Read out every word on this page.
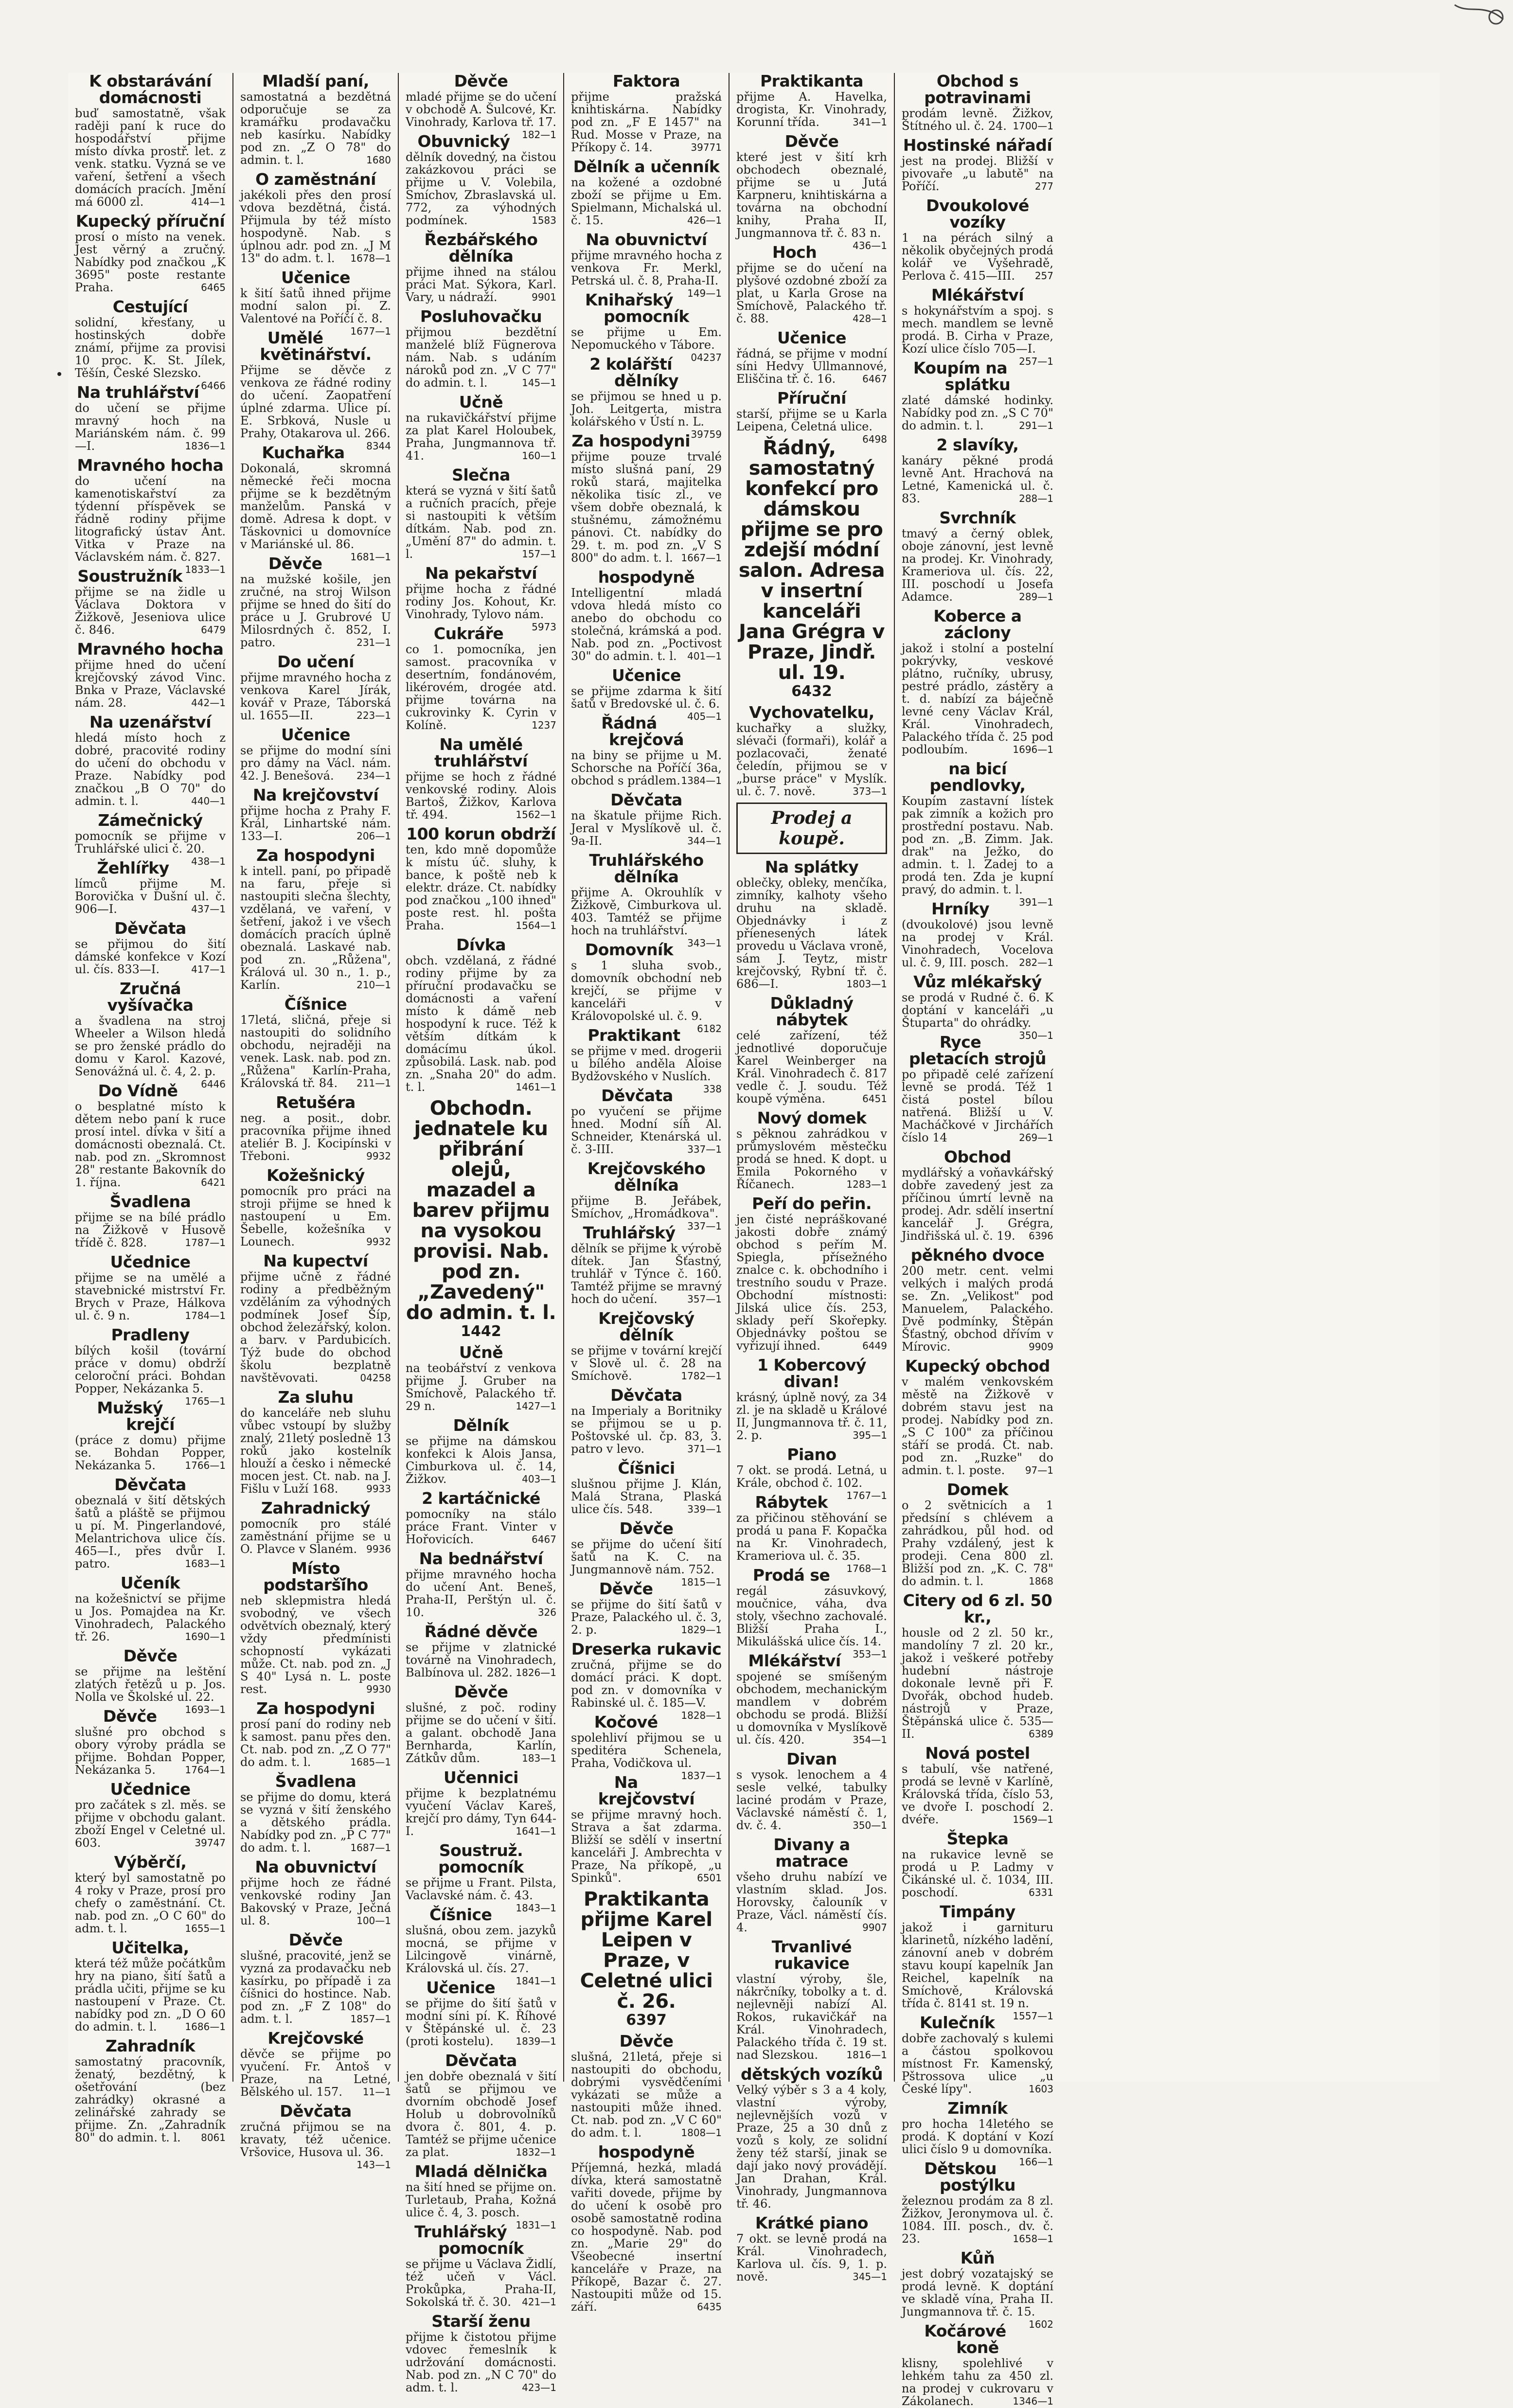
K obstarávání domácnosti

buď samostatně, však raději paní k ruce do hospodářství přijme místo dívka prostř. let. z venk. statku. Vyzná se ve vaření, šetření a všech domácích pracích. Jmění má 6000 zl.	414—1

Kupecký příruční

prosí o místo na venek. Jest věrný a zručný. Nabídky pod značkou „K 3695" poste restante Praha.	6465

Cestující

solidní, křesťany, u hostinských dobře známí, přijme za provisi 10 proc. K. St. Jílek, Těšín, České Slezsko.
6466

Na truhlářství

do učení se přijme mravný hoch na Mariánském nám. č. 99—I.	1836—1

Mravného hocha

do učení na kamenotiskařství za týdenní příspěvek se řádně rodiny přijme litografický ústav Ant. Vitka v Praze na Václavském nám. č. 827.
1833—1

Soustružník

přijme se na židle u Václava Doktora v Žižkově, Jeseniova ulice č. 846.	6479

Mravného hocha

přijme hned do učení krejčovský závod Vinc. Bnka v Praze, Václavské nám. 28.	442—1

Na uzenářství

hledá místo hoch z dobré, pracovité rodiny do učení do obchodu v Praze. Nabídky pod značkou „B O 70" do admin. t. l.	440—1

Zámečnický

pomocník se přijme v Truhlářské ulici č. 20.
438—1

Žehlířky

límců přijme M. Borovička v Dušní ul. č. 906—I.	437—1

Děvčata

se přijmou do šití dámské konfekce v Kozí ul. čís. 833—I.	417—1

Zručná vyšívačka

a švadlena na stroj Wheeler a Wilson hledá se pro ženské prádlo do domu v Karol. Kazové, Senovážná ul. č. 4, 2. p.
6446

Do Vídně

o besplatné místo k dětem nebo paní k ruce prosí intel. dívka v šití a domácnosti obeznalá. Ct. nab. pod zn. „Skromnost 28" restante Bakovník do 1. října.	6421

Švadlena

přijme se na bílé prádlo na Žižkově v Husově třídě č. 828.	1787—1

Učednice

přijme se na umělé a stavebnické mistrství Fr. Brych v Praze, Hálkova ul. č. 9 n.	1784—1

Pradleny

bílých košil (tovární práce v domu) obdrží celoroční práci. Bohdan Popper, Nekázanka 5.
1765—1

Mužský krejčí

(práce z domu) přijme se. Bohdan Popper, Nekázanka 5.	1766—1

Děvčata

obeznalá v šití dětských šatů a pláště se přijmou u pí. M. Pingerlandové, Melantrichova ulice čís. 465—I., přes dvůr I. patro.	1683—1

Učeník

na kožešnictví se přijme u Jos. Pomajdea na Kr. Vinohradech, Palackého tř. 26.	1690—1

Děvče

se přijme na leštění zlatých řetězů u p. Jos. Nolla ve Školské ul. 22.
1693—1

Děvče

slušné pro obchod s obory výroby prádla se přijme. Bohdan Popper, Nekázanka 5.	1764—1

Učednice

pro začátek s zl. měs. se přijme v obchodu galant. zboží Engel v Celetné ul. 603.	39747

Výběrčí,

který byl samostatně po 4 roky v Praze, prosí pro chefy o zaměstnání. Ct. nab. pod zn. „O C 60" do adm. t. l.	1655—1

Učitelka,

která též může počátkům hry na piano, šití šatů a prádla učiti, přijme se ku nastoupení v Praze. Ct. nabídky pod zn. „D O 60 do admin. t. l.	1686—1

Zahradník

samostatný pracovník, ženatý, bezdětný, k ošetřování (bez zahrádky) okrasné a zelinářské zahrady se přijme. Zn. „Zahradník 80" do admin. t. l. 8061

Mladší paní,

samostatná a bezdětná odporučuje se za kramářku prodavačku neb kasírku. Nabídky pod zn. „Z O 78" do admin. t. l.	1680

O zaměstnání

jakékoli přes den prosí vdova bezdětná, čistá. Přijmula by též místo hospodyně. Nab. s úplnou adr. pod zn. „J M 13" do adm. t. l. 1678—1

Učenice

k šití šatů ihned přijme modní salon pí. Z. Valentové na Poříčí č. 8.
1677—1

Umělé květinářství.

Přijme se děvče z venkova ze řádné rodiny do učení. Zaopatření úplné zdarma. Ulice pí. E. Srbková, Nusle u Prahy, Otakarova ul. 266.
8344

Kuchařka

Dokonalá, skromná německé řeči mocna přijme se k bezdětným manželům. Panská v domě. Adresa k dopt. v Táskovnici u domovníce v Mariánské ul. 86.
1681—1

Děvče

na mužské košile, jen zručné, na stroj Wilson přijme se hned do šití do práce u J. Grubrové U Milosrdných č. 852, I. patro.	231—1

Do učení

přijme mravného hocha z venkova Karel Jírák, kovář v Praze, Táborská ul. 1655—II.	223—1

Učenice

se přijme do modní síni pro dámy na Václ. nám. 42. J. Benešová. 234—1

Na krejčovství

přijme hocha z Prahy F. Král, Linhartské nám. 133—I.	206—1

Za hospodyni

k intell. paní, po připadě na faru, přeje si nastoupiti slečna šlechty, vzdělaná, ve vaření, v šetření, jakož i ve všech domácích pracích úplně obeznalá. Laskavé nab. pod zn. „Růžena", Králová ul. 30 n., 1. p., Karlín.	210—1

Číšnice

17letá, sličná, přeje si nastoupiti do solidního obchodu, nejraději na venek. Lask. nab. pod zn. „Růžena" Karlín-Praha, Královská tř. 84. 211—1

Retušéra

neg. a posit., dobr. pracovníka přijme ihned ateliér B. J. Kocipínski v Třeboni.	9932

Kožešnický

pomocník pro práci na stroji přijme se hned k nastoupení u Em. Šebelle, kožešníka v Lounech.	9932

Na kupectví

přijme učně z řádné rodiny a předběžným vzděláním za výhodných podmínek Josef Šíp, obchod železářský, kolon. a barv. v Pardubicích. Týž bude do obchod školu bezplatně navštěvovati.	04258

Za sluhu

do kanceláře neb sluhu vůbec vstoupí by služby znalý, 21letý posledně 13 roků jako kostelník hlouží a česko i německé mocen jest. Ct. nab. na J. Fišlu v Luží 168.	9933

Zahradnický

pomocník pro stálé zaměstnání přijme se u O. Plavce v Slaném. 9936

Místo podstarší̌ho

neb sklepmistra hledá svobodný, ve všech odvětvích obeznalý, který vždy předmínisti schopností vykázati může. Ct. nab. pod zn. „J S 40" Lysá n. L. poste rest.	9930

Za hospodyni

prosí paní do rodiny neb k samost. panu přes den. Ct. nab. pod zn. „Z O 77" do adm. t. l.	1685—1

Švadlena

se přijme do domu, která se vyzná v šití ženského a dětského prádla. Nabídky pod zn. „P C 77" do adm. t. l.	1687—1

Na obuvnictví

přijme hoch ze řádné venkovské rodiny Jan Bakovský v Praze, Ječná ul. 8.	100—1

Děvče

slušné, pracovité, jenž se vyzná za prodavačku neb kasírku, po případě i za číšnici do hostince. Nab. pod zn. „F Z 108" do adm. t. l.	1857—1

Krejčovské

děvče se přijme po vyučení. Fr. Antoš v Praze, na Letné, Bělského ul. 157. 11—1

Děvčata

zručná přijmou se na kravaty, též učenice. Vršovice, Husova ul. 36.
143—1

Děvče

mladé přijme se do učení v obchodě A. Šulcové, Kr. Vinohrady, Karlova tř. 17.
182—1

Obuvnický

dělník dovedný, na čistou zakázkovou práci se přijme u V. Volebila, Smíchov, Zbraslavská ul. 772, za výhodných podmínek.	1583

Řezbářského dělníka

přijme ihned na stálou práci Mat. Sýkora, Karl. Vary, u nádraží.	9901

Posluhovačku

přijmou bezdětní manželé blíž Fügnerova nám. Nab. s udáním nároků pod zn. „V C 77" do admin. t. l.	145—1

Učně

na rukavičkářství přijme za plat Karel Holoubek, Praha, Jungmannova tř. 41.	160—1

Slečna

která se vyzná v šití šatů a ručních pracích, přeje si nastoupiti k větším dítkám. Nab. pod zn. „Umění 87" do admin. t. l.	157—1

Na pekařství

přijme hocha z řádné rodiny Jos. Kohout, Kr. Vinohrady, Tylovo nám.
5973

Cukráře

co 1. pomocníka, jen samost. pracovníka v desertním, fondánovém, likérovém, drogée atd. přijme továrna na cukrovinky K. Cyrin v Kolíně.	1237

Na umělé truhlářství

přijme se hoch z řádné venkovské rodiny. Alois Bartoš, Žižkov, Karlova tř. 494.	1562—1

100 korun obdrží

ten, kdo mně dopomůže k místu úč. sluhy, k bance, k poště neb k elektr. dráze. Ct. nabídky pod značkou „100 ihned" poste rest. hl. pošta Praha.	1564—1

Dívka

obch. vzdělaná, z řádné rodiny přijme by za příruční prodavačku se domácnosti a vaření místo k dámě neb hospodyní k ruce. Též k větším dítkám k domácímu úkol. způsobilá. Lask. nab. pod zn. „Snaha 20" do adm. t. l.	1461—1

Obchodn. jednatele ku přibrání olejů, mazadel a barev přijmu na vysokou provisi. Nab. pod zn. „Zavedený" do admin. t. l.

1442

Učně

na teobářství z venkova přijme J. Gruber na Smíchově, Palackého tř. 29 n.	1427—1

Dělník

se přijme na dámskou konfekci k Alois Jansa, Cimburkova ul. č. 14, Žižkov.	403—1

2 kartáčnické

pomocníky na stálo práce Frant. Vinter v Hořovicích.	6467

Na bednářství

přijme mravného hocha do učení Ant. Beneš, Praha-II, Perštýn ul. č. 10.	326

Řádné děvče

se přijme v zlatnické továrně na Vinohradech, Balbínova ul. 282. 1826—1

Děvče

slušné, z poč. rodiny přijme se do učení v šití. a galant. obchodě Jana Bernharda, Karlín, Zátkův dům.	183—1

Učennici

přijme k bezplatnému vyučení Václav Kareš, krejčí pro dámy, Tyn 644-I.	1641—1

Soustruž. pomocník

se přijme u Frant. Pilsta, Vaclavské nám. č. 43.
1843—1

Číšnice

slušná, obou zem. jazyků mocná, se přijme v Lilcingově vinárně, Královská ul. čís. 27.
1841—1

Učenice

se přijme do šití šatů v modní síni pí. K. Říhové v Štěpánské ul. č. 23 (proti kostelu). 1839—1

Děvčata

jen dobře obeznalá v šití šatů se přijmou ve dvorním obchodě Josef Holub u dobrovolníků dvora č. 801, 4. p. Tamtéž se přijme učenice za plat.	1832—1

Mladá dělnička

na šití hned se přijme on. Turletaub, Praha, Kožná ulice č. 4, 3. posch.
1831—1

Truhlářský pomocník

se přijme u Václava Židlí, též učeň v Václ. Prokůpka, Praha-II, Sokolská tř. č. 30. 421—1

Starší ženu

přijme k čistotou přijme vdovec řemeslník k udržování domácnosti. Nab. pod zn. „N C 70" do adm. t. l.	423—1

Faktora

přijme pražská knihtiskárna. Nabídky pod zn. „F E 1457" na Rud. Mosse v Praze, na Příkopy č. 14.	39771

Dělník a učenník

na kožené a ozdobné zboží se přijme u Em. Spielmann, Michalská ul. č. 15.	426—1

Na obuvnictví

přijme mravného hocha z venkova Fr. Merkl, Petrská ul. č. 8, Praha-II.
149—1

Knihařský pomocník

se přijme u Em. Nepomuckého v Tábore.
04237

2 kolářští dělníky

se přijmou se hned u p. Joh. Leitgerta, mistra kolářského v Ústí n. L.
39759

Za hospodyni

přijme pouze trvalé místo slušná paní, 29 roků stará, majitelka několika tisíc zl., ve všem dobře obeznalá, k stušnému, zámožnému pánovi. Ct. nabídky do 29. t. m. pod zn. „V S 800" do adm. t. l. 1667—1

hospodyně

Intelligentní mladá vdova hledá místo co anebo do obchodu co stolečná, krámská a pod. Nab. pod zn. „Poctivost 30" do admin. t. l. 401—1

Učenice

se přijme zdarma k šití šatů v Bredovské ul. č. 6.
405—1

Řádná krejčová

na biny se přijme u M. Schorsche na Poříčí 36a, obchod s prádlem. 1384—1

Děvčata

na škatule přijme Rich. Jeral v Myslíkově ul. č. 9a-II.	344—1

Truhlářského dělníka

přijme A. Okrouhlík v Žižkově, Cimburkova ul. 403. Tamtéž se přijme hoch na truhlářství.
343—1

Domovník

s 1 sluha svob., domovník obchodní neb krejčí, se přijme v kanceláři v Královopolské ul. č. 9.
6182

Praktikant

se přijme v med. drogerii u bílého anděla Aloise Bydžovského v Nuslích.
338

Děvčata

po vyučení se přijme hned. Modní síň Al. Schneider, Ktenárská ul. č. 3-III.	337—1

Krejčovského dělníka

přijme B. Jeřábek, Smíchov, „Hromádkova".
337—1

Truhlářský

dělník se přijme k výrobě dítek. Jan Šťastný, truhlář v Týnce č. 160. Tamtéž přijme se mravný hoch do učení.	357—1

Krejčovský dělník

se přijme v tovární krejčí v Slově ul. č. 28 na Smíchově.	1782—1

Děvčata

na Imperialy a Boritniky se přijmou se u p. Poštovské ul. čp. 83, 3. patro v levo.	371—1

Číšnici

slušnou přijme J. Klán, Malá Strana, Plaská ulice čís. 548.	339—1

Děvče

se přijme do učení šití šatů na K. C. na Jungmannově nám. 752.
1815—1

Děvče

se přijme do šití šatů v Praze, Palackého ul. č. 3, 2. p.	1829—1

Dreserka rukavic

zručná, přijme se do domácí práci. K dopt. pod zn. v domovníka v Rabinské ul. č. 185—V.
1828—1

Kočové

spolehliví přijmou se u speditéra Schenela, Praha, Vodičkova ul.
1837—1

Na krejčovství

se přijme mravný hoch. Strava a šat zdarma. Bližší se sdělí v insertní kanceláři J. Ambrechta v Praze, Na příkopě, „u Spinků".	6501

Praktikanta přijme Karel Leipen v Praze, v Celetné ulici č. 26.

6397

Děvče

slušná, 21letá, přeje si nastoupiti do obchodu, dobrými vysvědčeními vykázati se může a nastoupiti může ihned. Ct. nab. pod zn. „V C 60" do adm. t. l.	1808—1

hospodyně

Příjemná, hezká, mladá dívka, která samostatně vařiti dovede, přijme by do učení k osobě pro osobě samostatně rodina co hospodyně. Nab. pod zn. „Marie 29" do Všeobecné insertní kanceláře v Praze, na Příkopě, Bazar č. 27. Nastoupiti může od 15. září.	6435

Praktikanta

přijme A. Havelka, drogista, Kr. Vinohrady, Korunní třída.	341—1

Děvče

které jest v šití krh obchodech obeznalé, přijme se u Jutá Karpneru, knihtiskárna a továrna na obchodní knihy, Praha II, Jungmannova tř. č. 83 n.
436—1

Hoch

přijme se do učení na plyšové ozdobné zboží za plat, u Karla Grose na Smíchově, Palackého tř. č. 88.	428—1

Učenice

řádná, se přijme v modní síni Hedvy Ullmannové, Eliščina tř. č. 16.	6467

Příruční

starší, přijme se u Karla Leipena, Celetná ulice.
6498

Řádný, samostatný konfekcí pro dámskou přijme se pro zdejší módní salon. Adresa v insertní kanceláři Jana Grégra v Praze, Jindř. ul. 19.

6432

Vychovatelku,

kuchařky a služky, slévači (formaři), kolář a pozlacovači, ženaté čeledín, přijmou se v „burse práce" v Myslík. ul. č. 7. nově.	373—1

Prodej a koupě.
Na splátky

oblečky, obleky, menčíka, zimníky, kalhoty všeho druhu na skladě. Objednávky i z příenesených látek provedu u Václava vroně, sám J. Teytz, mistr krejčovský, Rybní tř. č. 686—I.	1803—1

Důkladný nábytek

celé zařízení, též jednotlivé doporučuje Karel Weinberger na Král. Vinohradech č. 817 vedle č. J. soudu. Též koupě výměna.	6451

Nový domek

s pěknou zahrádkou v průmyslovém městečku prodá se hned. K dopt. u Emila Pokorného v Říčanech.	1283—1

Peří do peřin.

jen čisté nepráškované jakosti dobře známý obchod s peřím M. Spiegla, přísežného znalce c. k. obchodního i trestního soudu v Praze. Obchodní místnosti: Jilská ulice čís. 253, sklady peří Skořepky. Objednávky poštou se vyřizují ihned.	6449

1 Kobercový divan!

krásný, úplně nový, za 34 zl. je na skladě u Králové II, Jungmannova tř. č. 11, 2. p.	395—1

Piano

7 okt. se prodá. Letná, u Krále, obchod č. 102.
1767—1

Rábytek

za přičinou stěhování se prodá u pana F. Kopačka na Kr. Vinohradech, Krameriova ul. č. 35.
1768—1

Prodá se

regál zásuvkový, moučnice, váha, dva stoly, všechno zachovalé. Bližší Praha I., Mikulášská ulice čís. 14.
353—1

Mlékářství

spojené se smíšeným obchodem, mechanickým mandlem v dobrém obchodu se prodá. Bližší u domovníka v Myslíkově ul. čís. 420.	354—1

Divan

s vysok. lenochem a 4 sesle velké, tabulky laciné prodám v Praze, Václavské náměstí č. 1, dv. č. 4.	350—1

Divany a matrace

všeho druhu nabízí ve vlastním sklad. Jos. Horovsky, čalouník v Praze, Václ. náměstí čís. 4.	9907

Trvanlivé rukavice

vlastní výroby, šle, nákrčníky, tobolky a t. d. nejlevněji nabízí Al. Rokos, rukavičkář na Král. Vinohradech, Palackého třída č. 19 st. nad Slezskou.	1816—1

dětských vozíků

Velký výběr s 3 a 4 koly, vlastní výroby, nejlevnějších vozů v Praze, 25 a 30 dnů z vozů s koly, ze solidní ženy též starší, jinak se dají jako nový provádějí. Jan Drahan, Král. Vinohrady, Jungmannova tř. 46.

Krátké piano

7 okt. se levně prodá na Král. Vinohradech, Karlova ul. čís. 9, 1. p. nově.	345—1

Obchod s potravinami

prodám levně. Žižkov, Štítného ul. č. 24. 1700—1

Hostinské nářadí

jest na prodej. Bližší v pivovaře „u labutě" na Poříčí.	277

Dvoukolové vozíky

1 na pérách silný a několik obyčejných prodá kolář ve Vyšehradě, Perlova č. 415—III. 257

Mlékářství

s hokynářstvím a spoj. s mech. mandlem se levně prodá. B. Cirha v Praze, Kozí ulice číslo 705—I.
257—1

Koupím na splátku

zlaté dámské hodinky. Nabídky pod zn. „S C 70" do admin. t. l.	291—1

2 slavíky,

kanáry pěkné prodá levně Ant. Hrachová na Letné, Kamenická ul. č. 83.	288—1

Svrchník

tmavý a černý oblek, oboje zánovní, jest levně na prodej. Kr. Vinohrady, Krameriova ul. čís. 22, III. poschodí u Josefa Adamce.	289—1

Koberce a záclony

jakož i stolní a postelní pokrývky, veskové plátno, ručníky, ubrusy, pestré prádlo, zástěry a t. d. nabízí za báječně levné ceny Václav Král, Král. Vinohradech, Palackého třída č. 25 pod podloubím.	1696—1

na bicí pendlovky,

Koupím zastavní lístek pak zimník a kožich pro prostřední postavu. Nab. pod zn. „B. Zimm. Jak. drak" na Ježko, do admin. t. l. Zadej to a prodá ten. Zda je kupní pravý, do admin. t. l.
391—1

Hrníky

(dvoukolové) jsou levně na prodej v Král. Vinohradech, Vocelova ul. č. 9, III. posch. 282—1

Vůz mlékařský

se prodá v Rudné č. 6. K doptání v kanceláři „u Štuparta" do ohrádky.
350—1

Ryce pletacích strojů

po připadě celé zařízení levně se prodá. Též 1 čistá postel bílou natřená. Bližší u V. Macháčkové v Jirchářích číslo 14	269—1

Obchod

mydlářský a voňavkářský dobře zavedený jest za příčinou úmrtí levně na prodej. Adr. sdělí insertní kancelář J. Grégra, Jindřišská ul. č. 19. 6396

pěkného dvoce

200 metr. cent. velmi velkých i malých prodá se. Zn. „Velikost" pod Manuelem, Palackého. Dvě podmínky, Štěpán Šťastný, obchod dřívím v Mírovic.	9909

Kupecký obchod

v malém venkovském městě na Žižkově v dobrém stavu jest na prodej. Nabídky pod zn. „S C 100" za příčinou stáří se prodá. Ct. nab. pod zn. „Ruzke" do admin. t. l. poste. 97—1

Domek

o 2 světnicích a 1 předsíní s chlévem a zahrádkou, půl hod. od Prahy vzdálený, jest k prodeji. Cena 800 zl. Bližší pod zn. „K. C. 78" do admin. t. l.	1868

Citery od 6 zl. 50 kr.,

housle od 2 zl. 50 kr., mandolíny 7 zl. 20 kr., jakož i veškeré potřeby hudební nástroje dokonale levně při F. Dvořák, obchod hudeb. nástrojů v Praze, Štěpánská ulice č. 535—II.	6389

Nová postel

s tabulí, vše natřené, prodá se levně v Karlíně, Královská třída, číslo 53, ve dvoře I. poschodí 2. dvéře.	1569—1

Štepka

na rukavice levně se prodá u P. Ladmy v Čikánské ul. č. 1034, III. poschodí.	6331

Timpány

jakož i garnituru klarinetů, nízkého ladění, zánovní aneb v dobrém stavu koupí kapelník Jan Reichel, kapelník na Smíchově, Královská třída č. 8141 st. 19 n.
1557—1

Kulečník

dobře zachovalý s kulemi a částou spolkovou místnost Fr. Kamenský, Pštrossova ulice „u České lípy".	1603

Zimník

pro hocha 14letého se prodá. K doptání v Kozí ulici číslo 9 u domovníka.
166—1

Dětskou postýlku

železnou prodám za 8 zl. Žižkov, Jeronymova ul. č. 1084. III. posch., dv. č. 23.	1658—1

Kůň

jest dobrý vozatajský se prodá levně. K doptání ve skladě vína, Praha II. Jungmannova tř. č. 15.
1602

Kočárové koně

klisny, spolehlivé v lehkém tahu za 450 zl. na prodej v cukrovaru v Zákolanech.	1346—1
